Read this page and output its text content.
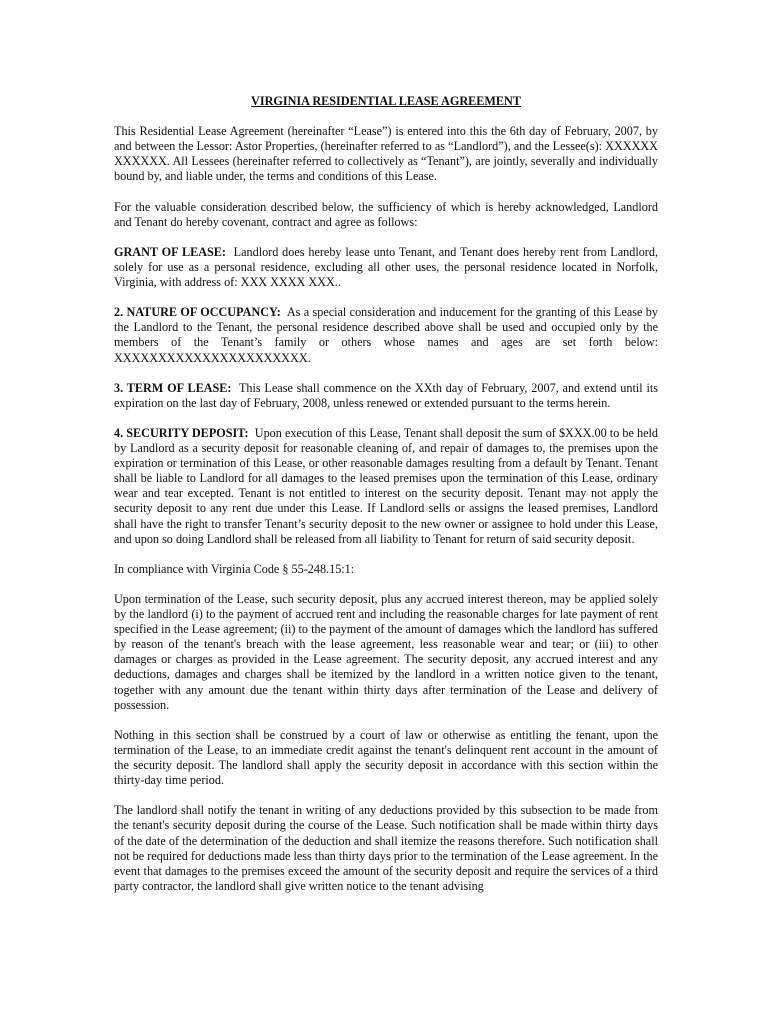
VIRGINIA RESIDENTIAL LEASE AGREEMENT

This Residential Lease Agreement (hereinafter “Lease”) is entered into this the 6th day of February, 2007, by and between the Lessor: Astor Properties, (hereinafter referred to as “Landlord”), and the Lessee(s): XXXXXX XXXXXX. All Lessees (hereinafter referred to collectively as “Tenant”), are jointly, severally and individually bound by, and liable under, the terms and conditions of this Lease.

For the valuable consideration described below, the sufficiency of which is hereby acknowledged, Landlord and Tenant do hereby covenant, contract and agree as follows:

GRANT OF LEASE: Landlord does hereby lease unto Tenant, and Tenant does hereby rent from Landlord, solely for use as a personal residence, excluding all other uses, the personal residence located in Norfolk, Virginia, with address of: XXX XXXX XXX..

2. NATURE OF OCCUPANCY: As a special consideration and inducement for the granting of this Lease by the Landlord to the Tenant, the personal residence described above shall be used and occupied only by the members of the Tenant’s family or others whose names and ages are set forth below: XXXXXXXXXXXXXXXXXXXXXX.

3. TERM OF LEASE: This Lease shall commence on the XXth day of February, 2007, and extend until its expiration on the last day of February, 2008, unless renewed or extended pursuant to the terms herein.

4. SECURITY DEPOSIT: Upon execution of this Lease, Tenant shall deposit the sum of $XXX.00 to be held by Landlord as a security deposit for reasonable cleaning of, and repair of damages to, the premises upon the expiration or termination of this Lease, or other reasonable damages resulting from a default by Tenant. Tenant shall be liable to Landlord for all damages to the leased premises upon the termination of this Lease, ordinary wear and tear excepted. Tenant is not entitled to interest on the security deposit. Tenant may not apply the security deposit to any rent due under this Lease. If Landlord sells or assigns the leased premises, Landlord shall have the right to transfer Tenant’s security deposit to the new owner or assignee to hold under this Lease, and upon so doing Landlord shall be released from all liability to Tenant for return of said security deposit.

In compliance with Virginia Code § 55-248.15:1:

Upon termination of the Lease, such security deposit, plus any accrued interest thereon, may be applied solely by the landlord (i) to the payment of accrued rent and including the reasonable charges for late payment of rent specified in the Lease agreement; (ii) to the payment of the amount of damages which the landlord has suffered by reason of the tenant's breach with the lease agreement, less reasonable wear and tear; or (iii) to other damages or charges as provided in the Lease agreement. The security deposit, any accrued interest and any deductions, damages and charges shall be itemized by the landlord in a written notice given to the tenant, together with any amount due the tenant within thirty days after termination of the Lease and delivery of possession.

Nothing in this section shall be construed by a court of law or otherwise as entitling the tenant, upon the termination of the Lease, to an immediate credit against the tenant's delinquent rent account in the amount of the security deposit. The landlord shall apply the security deposit in accordance with this section within the thirty-day time period.

The landlord shall notify the tenant in writing of any deductions provided by this subsection to be made from the tenant's security deposit during the course of the Lease. Such notification shall be made within thirty days of the date of the determination of the deduction and shall itemize the reasons therefore. Such notification shall not be required for deductions made less than thirty days prior to the termination of the Lease agreement. In the event that damages to the premises exceed the amount of the security deposit and require the services of a third party contractor, the landlord shall give written notice to the tenant advising
